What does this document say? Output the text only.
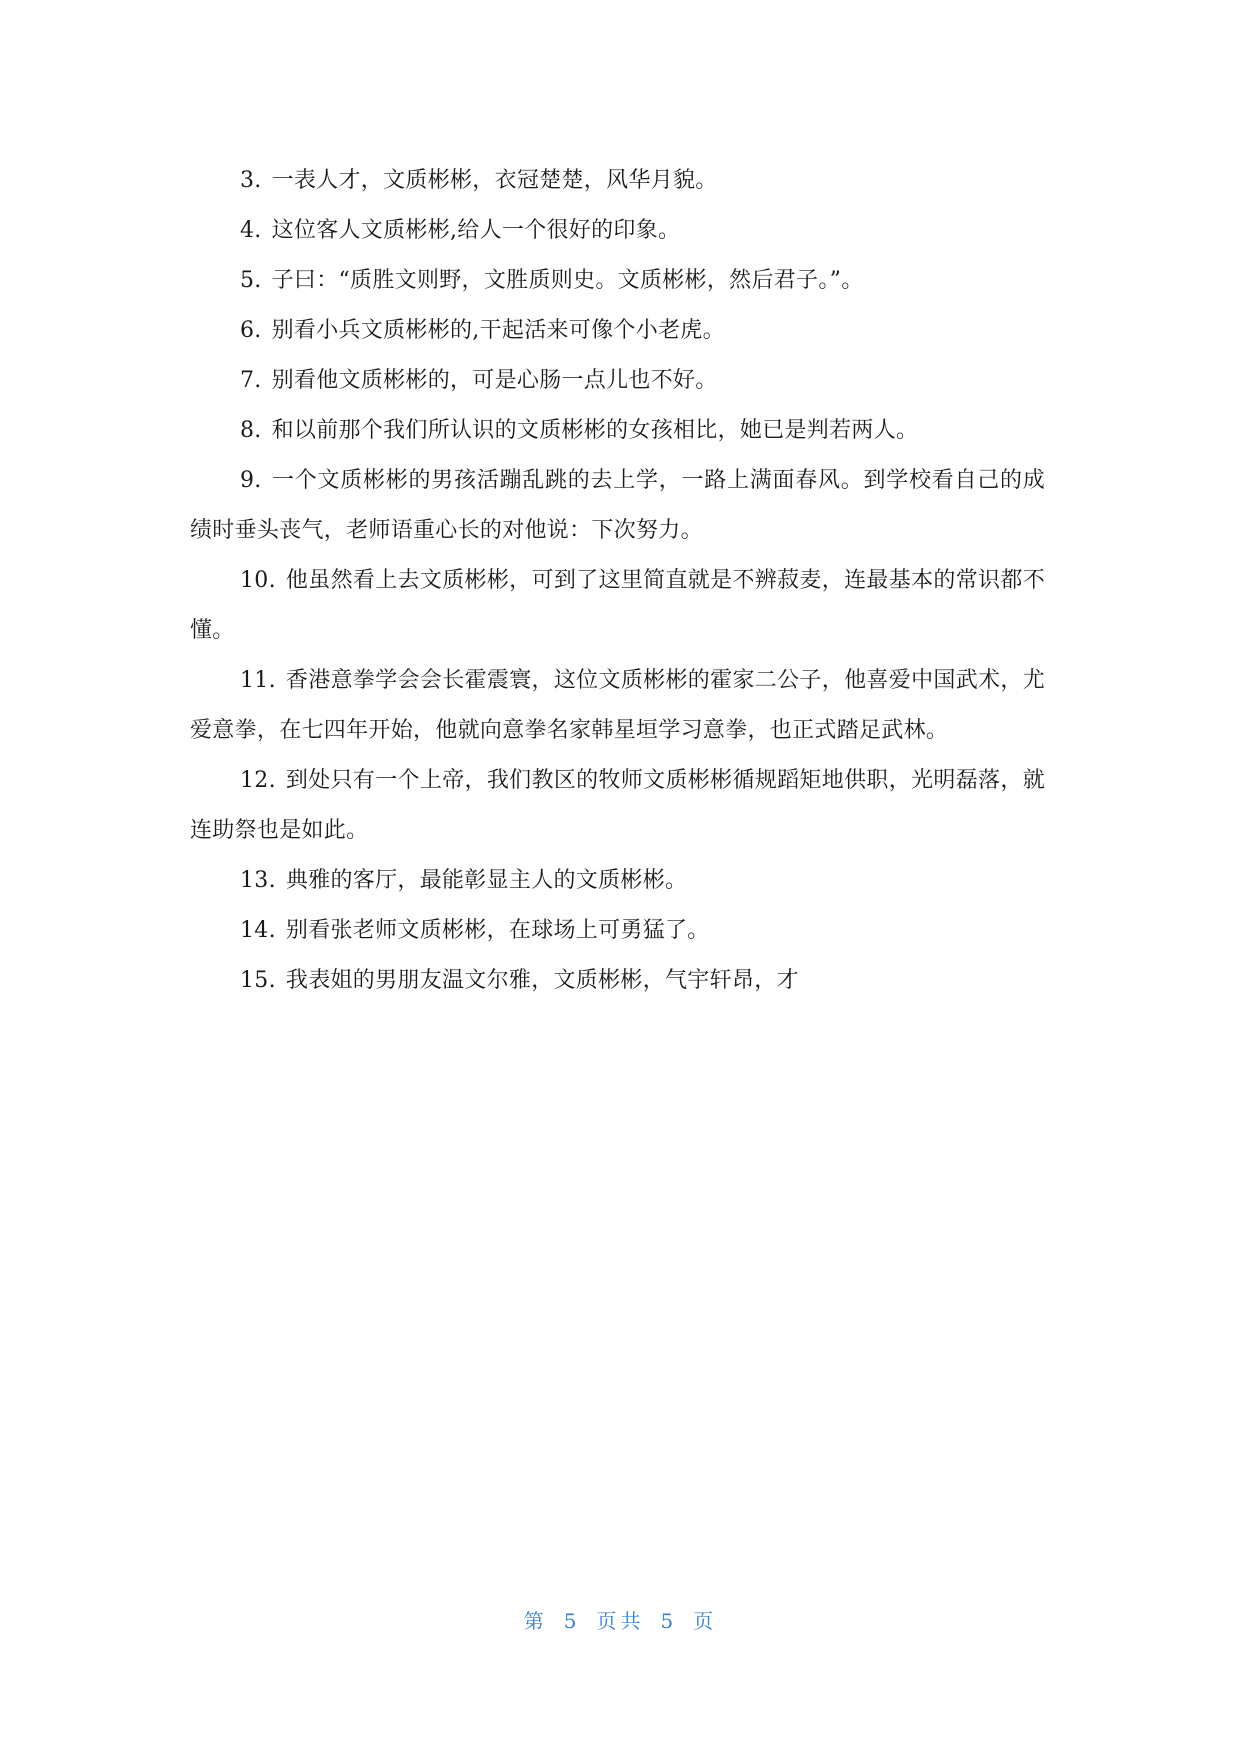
3. 一表人才，文质彬彬，衣冠楚楚，风华月貌。

4. 这位客人文质彬彬,给人一个很好的印象。

5. 子曰：“质胜文则野，文胜质则史。文质彬彬，然后君子。”。

6. 别看小兵文质彬彬的,干起活来可像个小老虎。

7. 别看他文质彬彬的，可是心肠一点儿也不好。

8. 和以前那个我们所认识的文质彬彬的女孩相比，她已是判若两人。

9. 一个文质彬彬的男孩活蹦乱跳的去上学，一路上满面春风。到学校看自己的成绩时垂头丧气，老师语重心长的对他说：下次努力。

10. 他虽然看上去文质彬彬，可到了这里简直就是不辨菽麦，连最基本的常识都不懂。

11. 香港意拳学会会长霍震寰，这位文质彬彬的霍家二公子，他喜爱中国武术，尤爱意拳，在七四年开始，他就向意拳名家韩星垣学习意拳，也正式踏足武林。

12. 到处只有一个上帝，我们教区的牧师文质彬彬循规蹈矩地供职，光明磊落，就连助祭也是如此。

13. 典雅的客厅，最能彰显主人的文质彬彬。

14. 别看张老师文质彬彬，在球场上可勇猛了。

15. 我表姐的男朋友温文尔雅，文质彬彬，气宇轩昂，才

第 5 页共 5 页
